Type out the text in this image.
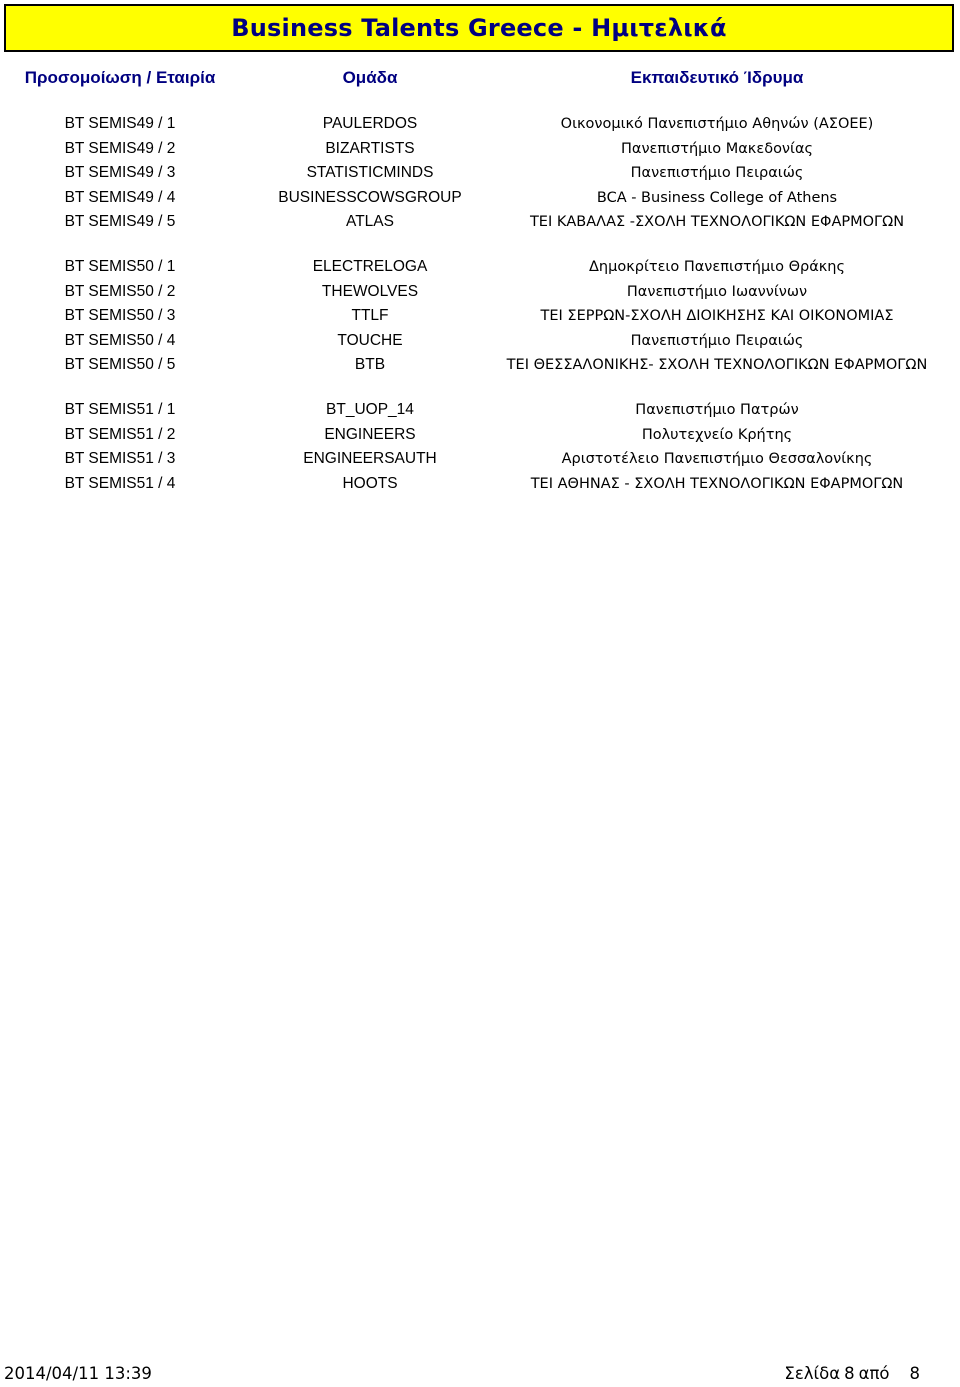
Business Talents Greece - Ημιτελικά
Προσομοίωση / Εταιρία	Ομάδα	Εκπαιδευτικό Ίδρυμα
BT SEMIS49 / 1	PAULERDOS	Οικονομικό Πανεπιστήμιο Αθηνών (ΑΣΟΕΕ)
BT SEMIS49 / 2	BIZARTISTS	Πανεπιστήμιο Μακεδονίας
BT SEMIS49 / 3	STATISTICMINDS	Πανεπιστήμιο Πειραιώς
BT SEMIS49 / 4	BUSINESSCOWSGROUP	BCA - Business College of Athens
BT SEMIS49 / 5	ATLAS	ΤΕΙ ΚΑΒΑΛΑΣ -ΣΧΟΛΗ ΤΕΧΝΟΛΟΓΙΚΩΝ ΕΦΑΡΜΟΓΩΝ
BT SEMIS50 / 1	ELECTRELOGA	Δημοκρίτειο Πανεπιστήμιο Θράκης
BT SEMIS50 / 2	THEWOLVES	Πανεπιστήμιο Ιωαννίνων
BT SEMIS50 / 3	TTLF	ΤΕΙ ΣΕΡΡΩΝ-ΣΧΟΛΗ ΔΙΟΙΚΗΣΗΣ ΚΑΙ ΟΙΚΟΝΟΜΙΑΣ
BT SEMIS50 / 4	TOUCHE	Πανεπιστήμιο Πειραιώς
BT SEMIS50 / 5	BTB	ΤΕΙ ΘΕΣΣΑΛΟΝΙΚΗΣ- ΣΧΟΛΗ ΤΕΧΝΟΛΟΓΙΚΩΝ ΕΦΑΡΜΟΓΩΝ
BT SEMIS51 / 1	BT_UOP_14	Πανεπιστήμιο Πατρών
BT SEMIS51 / 2	ENGINEERS	Πολυτεχνείο Κρήτης
BT SEMIS51 / 3	ENGINEERSAUTH	Αριστοτέλειο Πανεπιστήμιο Θεσσαλονίκης
BT SEMIS51 / 4	HOOTS	ΤΕΙ ΑΘΗΝΑΣ - ΣΧΟΛΗ ΤΕΧΝΟΛΟΓΙΚΩΝ ΕΦΑΡΜΟΓΩΝ
2014/04/11 13:39	Σελίδα 8 από 8
